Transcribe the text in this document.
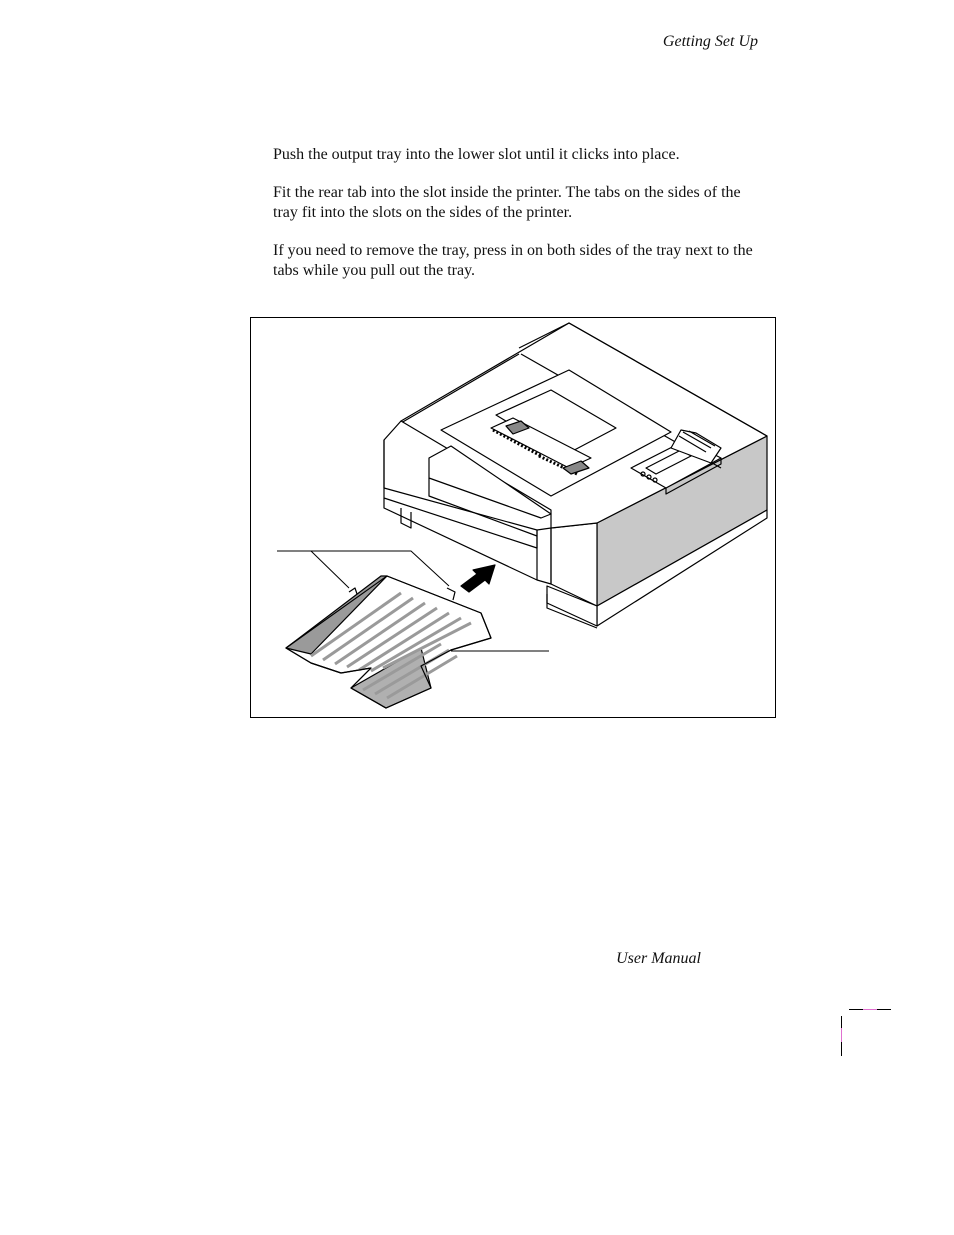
Getting Set Up

Push the output tray into the lower slot until it clicks into place.

Fit the rear tab into the slot inside the printer. The tabs on the sides of the tray fit into the slots on the sides of the printer.

If you need to remove the tray, press in on both sides of the tray next to the tabs while you pull out the tray.

User Manual
